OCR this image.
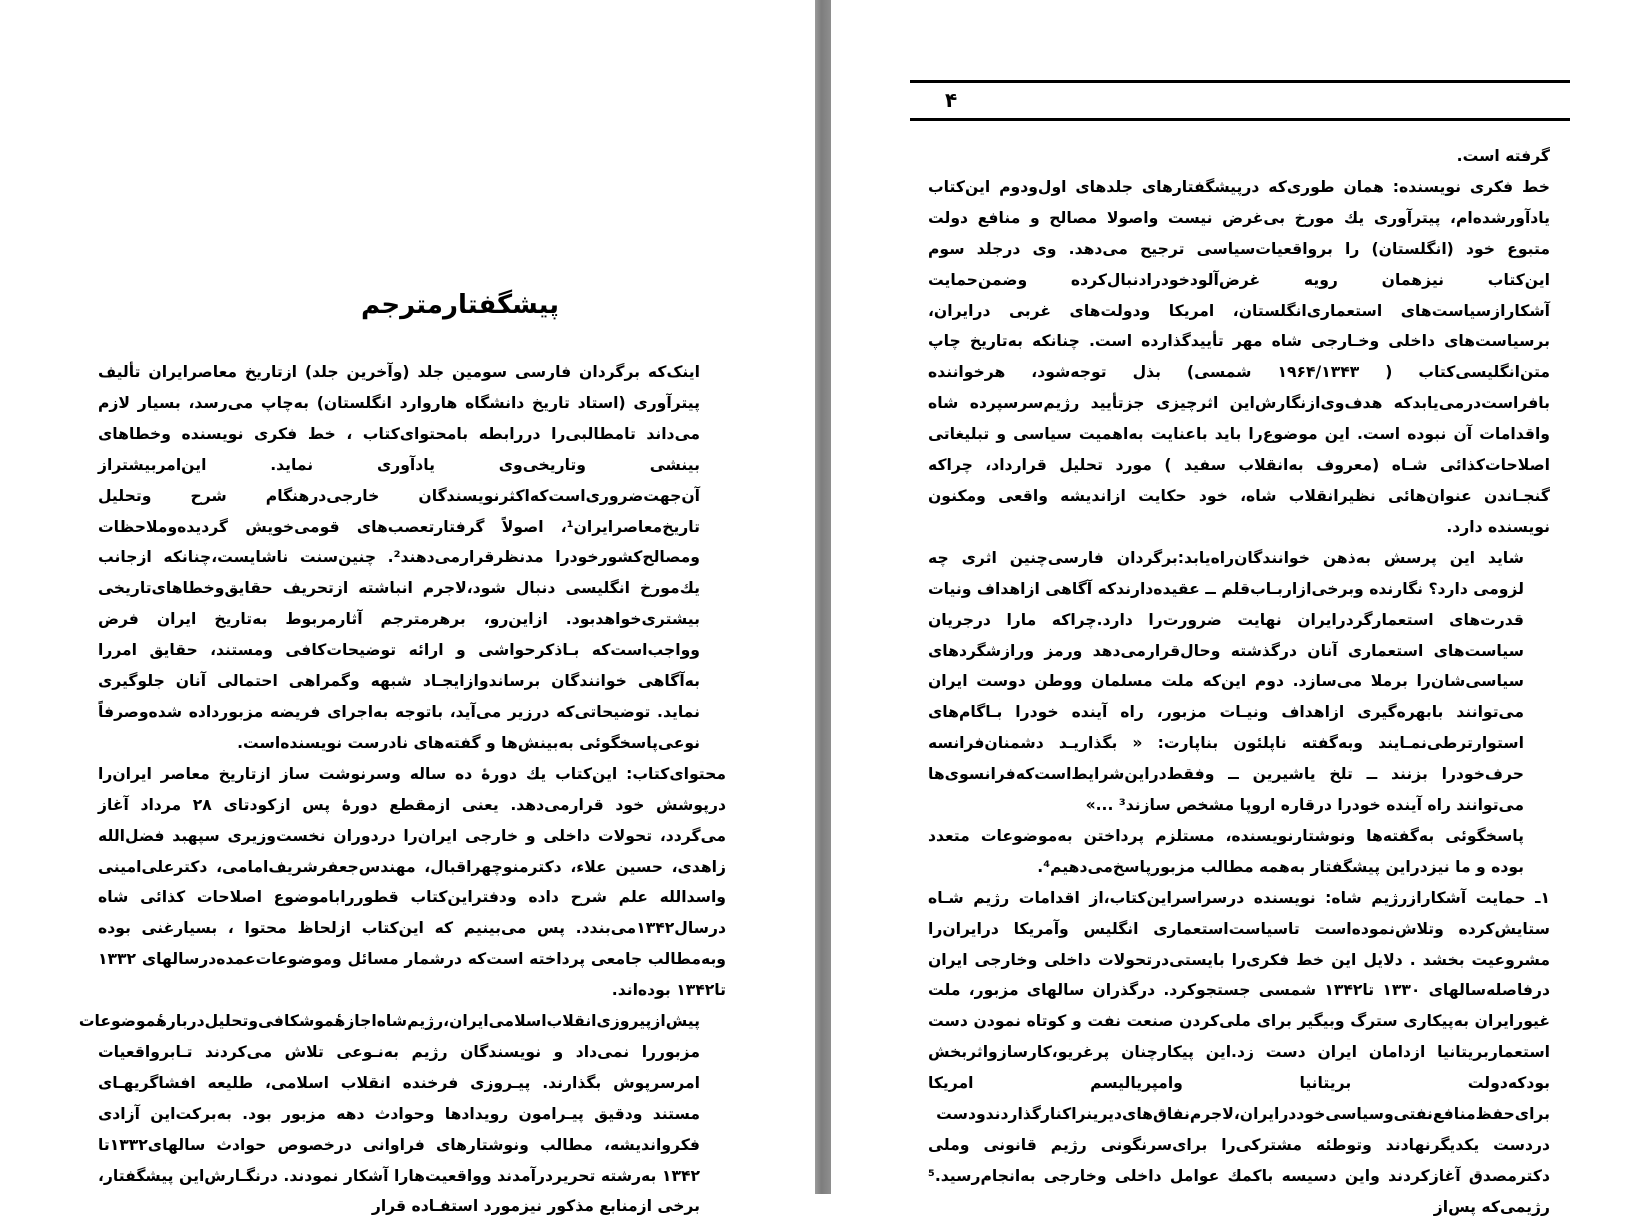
پیشگفتارمترجم

اینک‌که برگردان فارسی سومین جلد (وآخرین جلد) ازتاریخ معاصرایران تألیف پیترآوری (استاد تاریخ دانشگاه هاروارد انگلستان) به‌چاپ می‌رسد، بسیار لازم می‌داند تامطالبی‌را دررابطه بامحتوای‌کتاب ، خط فکری نویسنده وخطاهای بینشی وتاریخی‌وی یادآوری نماید. این‌امربیشتراز آن‌جهت‌ضروری‌است‌که‌اکثرنویسندگان خارجی‌درهنگام شرح وتحلیل تاریخ‌معاصرایران¹، اصولاً گرفتارتعصب‌های قومی‌خویش گردیده‌وملاحظات ومصالح‌کشورخودرا مدنظرقرارمی‌دهند². چنین‌سنت ناشایست،چنانکه ازجانب یك‌مورخ انگلیسی دنبال شود،لاجرم انباشته ازتحریف حقایق‌وخطاهای‌تاریخی بیشتری‌خواهدبود. ازاین‌رو، برهرمترجم آثارمربوط به‌تاریخ ایران فرض وواجب‌است‌که بـاذکرحواشی و ارائه توضیحات‌کافی ومستند، حقایق امررا به‌آگاهی خوانندگان برساندوازایجـاد شبهه وگمراهی احتمالی آنان جلوگیری نماید. توضیحاتی‌که درزیر می‌آید، باتوجه به‌اجرای فریضه مزبورداده شده‌وصرفاً نوعی‌پاسخگوئی به‌بینش‌ها و گفته‌های نادرست نویسنده‌است.

محتوای‌کتاب: این‌کتاب یك دورهٔ ده ساله وسرنوشت ساز ازتاریخ معاصر ایران‌را درپوشش خود قرارمی‌دهد. یعنی ازمقطع دورهٔ پس ازکودتای ۲۸ مرداد آغاز می‌گردد، تحولات داخلی و خارجی ایران‌را دردوران نخست‌وزیری سپهبد فضل‌الله زاهدی، حسین علاء، دکترمنوچهراقبال، مهندس‌جعفرشریف‌امامی، دکترعلی‌امینی واسدالله علم شرح داده ودفتراین‌کتاب قطوررابا‌موضوع اصلاحات کذائی شاه درسال۱۳۴۲می‌بندد. پس می‌بینیم که این‌کتاب ازلحاظ محتوا ، بسیارغنی بوده وبه‌مطالب جامعی پرداخته است‌که درشمار مسائل وموضوعات‌عمده‌درسالهای ۱۳۳۲ تا۱۳۴۲ بوده‌اند.

پیش‌ازپیروزی‌انقلاب‌اسلامی‌ایران،رژیم‌شاه‌اجازهٔموشکافی‌وتحلیل‌دربارهٔموضوعات مزبوررا نمی‌داد و نویسندگان رژیم به‌نـوعی تلاش می‌کردند تـابرواقعیات امرسرپوش بگذارند. پیـروزی فرخنده انقلاب اسلامی، طلیعه افشاگریهـای مستند ودقیق پیـرامون رویدادها وحوادث دهه مزبور بود. به‌برکت‌این آزادی فکرواندیشه، مطالب ونوشتارهای فراوانی درخصوص حوادث سالهای۱۳۳۲تا ۱۳۴۲ به‌رشته تحریردرآمدند وواقعیت‌هارا آشکار نمودند. درنگـارش‌این پیشگفتار، برخی ازمنابع مذکور نیزمورد استفـاده قرار

۴

گرفته است.

خط فکری نویسنده: همان طوری‌که درپیشگفتارهای جلدهای اول‌ودوم این‌کتاب یادآورشده‌ام، پیترآوری یك مورخ بی‌غرض نیست واصولا مصالح و منافع دولت متبوع خود (انگلستان) را برواقعیات‌سیاسی ترجیح می‌دهد. وی درجلد سوم این‌کتاب نیزهمان رویه غرض‌آلودخودرادنبال‌کرده وضمن‌حمایت آشکارازسیاست‌های استعماری‌انگلستان، امریکا ودولت‌های غربی درایران، برسیاست‌های داخلی وخـارجی شاه مهر تأییدگذارده است. چنانکه به‌تاریخ چاپ متن‌انگلیسی‌کتاب ( ۱۹۶۴/۱۳۴۳ شمسی) بذل توجه‌شود، هرخواننده بافراست‌درمی‌یابدکه هدف‌وی‌ازنگارش‌این اثرچیزی جزتأیید رژیم‌سرسپرده شاه واقدامات آن نبوده است. این موضوع‌را باید باعنایت به‌اهمیت سیاسی و تبلیغاتی اصلاحات‌کذائی شـاه (معروف به‌انقلاب سفید ) مورد تحلیل قرارداد، چراکه گنجـاندن عنوان‌هائی نظیرانقلاب شاه، خود حکایت ازاندیشه واقعی ومکنون نویسنده دارد.

شاید این پرسش به‌ذهن خوانندگان‌راه‌یابد:برگردان فارسی‌چنین اثری چه لزومی دارد؟ نگارنده وبرخی‌ازاربـاب‌قلم ــ عقیده‌دارندکه آگاهی ازاهداف ونیات قدرت‌های استعمارگردرایران نهایت ضرورت‌را دارد.چراکه مارا درجریان سیاست‌های استعماری آنان درگذشته وحال‌قرارمی‌دهد ورمز ورازشگردهای سیاسی‌شان‌را برملا می‌سازد. دوم این‌که ملت مسلمان ووطن دوست ایران می‌توانند بابهره‌گیری ازاهداف ونیـات مزبور، راه آینده خودرا بـاگام‌های استوارترطی‌نمـایند وبه‌گفته ناپلئون بناپارت: « بگذاریـد دشمنان‌فرانسه حرف‌خودرا بزنند ــ تلخ یاشیرین ــ وفقط‌دراین‌شرایط‌است‌که‌فرانسوی‌ها می‌توانند راه آینده خودرا درقاره اروپا مشخص سازند³ ...»

پاسخگوئی به‌گفته‌ها ونوشتارنویسنده، مستلزم پرداختن به‌موضوعات متعدد بوده و ما نیزدراین پیشگفتار به‌همه مطالب مزبورپاسخ‌می‌دهیم⁴.

۱ـ حمایت آشکارازرژیم شاه: نویسنده درسراسراین‌کتاب،از اقدامات رژیم شـاه ستایش‌کرده وتلاش‌نموده‌است تاسیاست‌استعماری انگلیس وآمریکا درایران‌را مشروعیت بخشد . دلایل این خط فکری‌را بایستی‌درتحولات داخلی وخارجی ایران درفاصله‌سالهای ۱۳۳۰ تا۱۳۴۲ شمسی جستجوکرد. درگذران سالهای مزبور، ملت غیورایران به‌پیکاری سترگ وبیگیر برای ملی‌کردن صنعت نفت و کوتاه نمودن دست استعماربریتانیا ازدامان ایران دست زد.این پیکارچنان پرغریو،کارسازواثربخش بودکه‌دولت بریتانیا وامپریالیسم امریکا برای‌حفظ‌منافع‌نفتی‌وسیاسی‌خوددرایران،لاجرم‌نفاق‌های‌دیرینرا‌کنارگذاردند‌ودست دردست یکدیگرنهادند وتوطئه مشترکی‌را برای‌سرنگونی رژیم قانونی وملی دکترمصدق آغازکردند واین دسیسه باکمك عوامل داخلی وخارجی به‌انجام‌رسید.⁵ رژیمی‌که پس‌از
